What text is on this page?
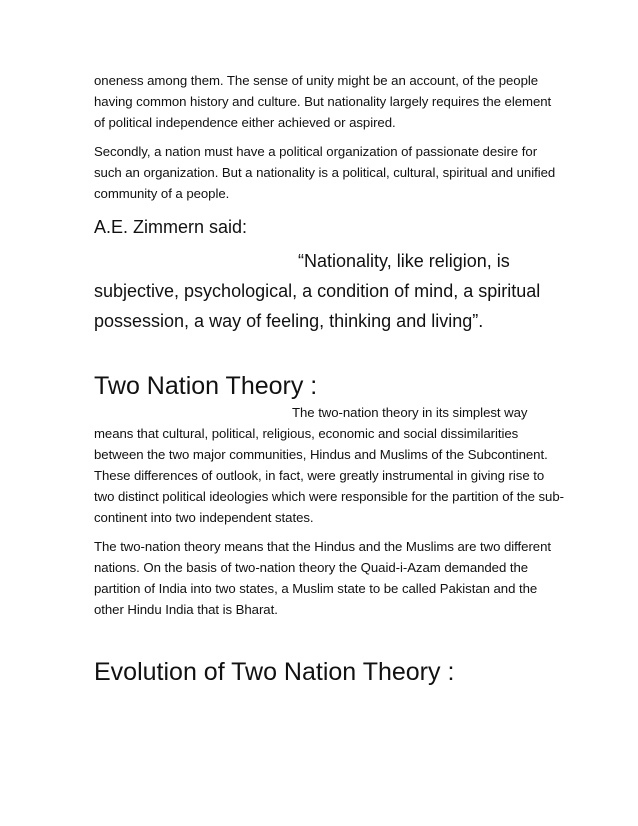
oneness among them. The sense of unity might be an account, of the people having common history and culture. But nationality largely requires the element of political independence either achieved or aspired.

Secondly, a nation must have a political organization of passionate desire for such an organization. But a nationality is a political, cultural, spiritual and unified community of a people.

A.E. Zimmern said:

“Nationality, like religion, is subjective, psychological, a condition of mind, a spiritual possession, a way of feeling, thinking and living”.

Two Nation Theory :

The two-nation theory in its simplest way means that cultural, political, religious, economic and social dissimilarities between the two major communities, Hindus and Muslims of the Subcontinent. These differences of outlook, in fact, were greatly instrumental in giving rise to two distinct political ideologies which were responsible for the partition of the sub-continent into two independent states.

The two-nation theory means that the Hindus and the Muslims are two different nations. On the basis of two-nation theory the Quaid-i-Azam demanded the partition of India into two states, a Muslim state to be called Pakistan and the other Hindu India that is Bharat.

Evolution of Two Nation Theory :
